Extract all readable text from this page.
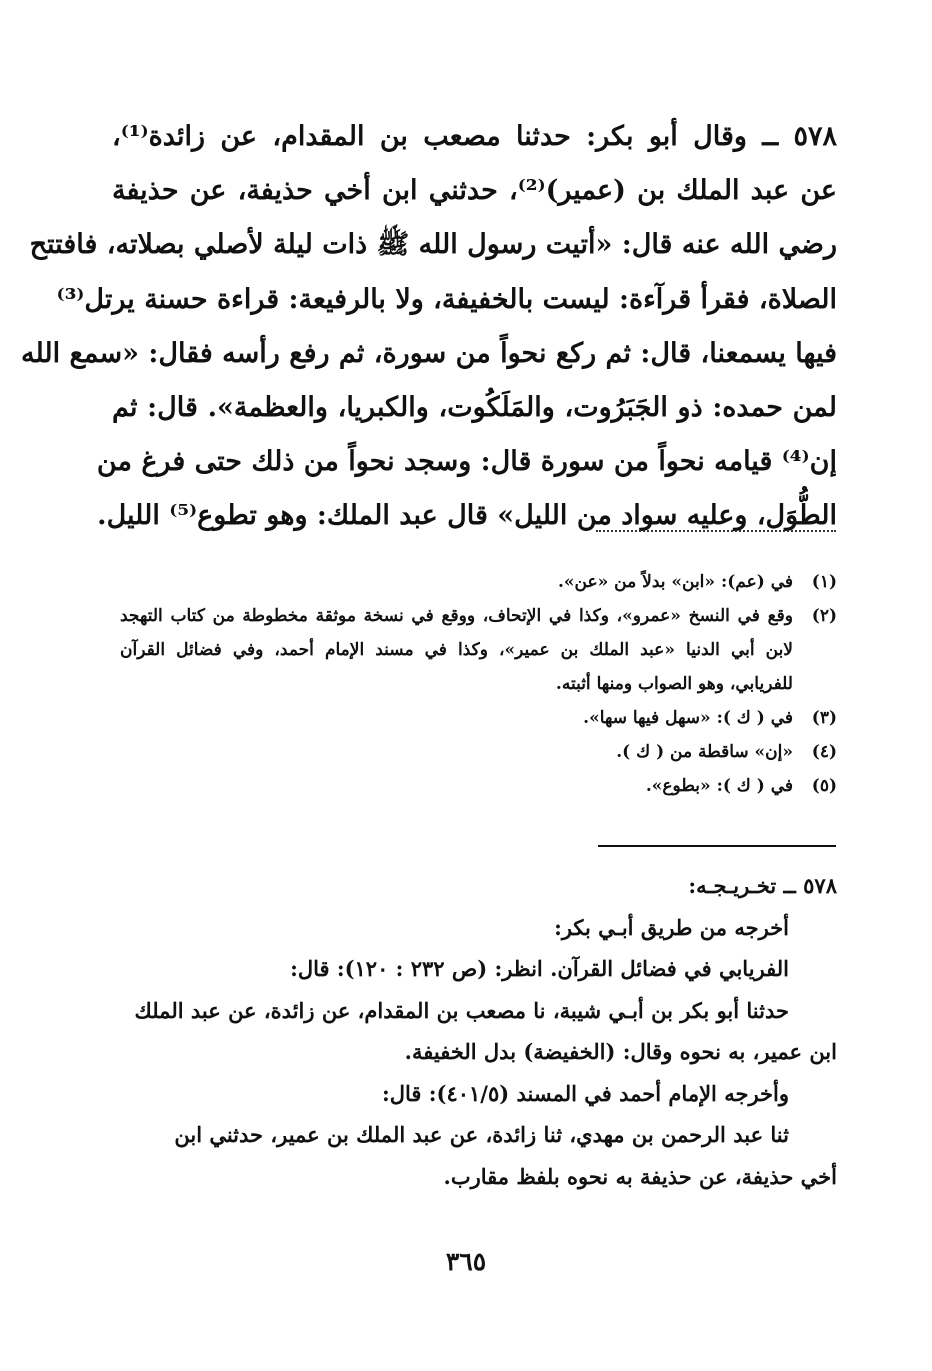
٥٧٨ ــ وقال أبو بكر: حدثنا مصعب بن المقدام، عن زائدة⁽¹⁾،
عن عبد الملك بن (عمير)⁽²⁾، حدثني ابن أخي حذيفة، عن حذيفة
رضي الله عنه قال: «أتيت رسول الله ﷺ ذات ليلة لأصلي بصلاته، فافتتح
الصلاة، فقرأ قرآءة: ليست بالخفيفة، ولا بالرفيعة: قراءة حسنة يرتل⁽³⁾
فيها يسمعنا، قال: ثم ركع نحواً من سورة، ثم رفع رأسه فقال: «سمع الله
لمن حمده: ذو الجَبَرُوت، والمَلَكُوت، والكبريا، والعظمة». قال: ثم
إن⁽⁴⁾ قيامه نحواً من سورة قال: وسجد نحواً من ذلك حتى فرغ من
الطُّوَل، وعليه سواد من الليل» قال عبد الملك: وهو تطوع⁽⁵⁾ الليل.
(١)
في (عم): «ابن» بدلاً من «عن».
(٢)
وقع في النسخ «عمرو»، وكذا في الإتحاف، ووقع في نسخة موثقة مخطوطة من كتاب التهجد
لابن أبي الدنيا «عبد الملك بن عمير»، وكذا في مسند الإمام أحمد، وفي فضائل القرآن
للفريابي، وهو الصواب ومنها أثبته.
(٣)
في ( ك ): «سهل فيها سها».
(٤)
«إن» ساقطة من ( ك ).
(٥)
في ( ك ): «بطوع».
٥٧٨ ــ تخـريـجـه:
أخرجه من طريق أبـي بكر:
الفريابي في فضائل القرآن. انظر: (ص ٢٣٢ : ١٢٠): قال:
حدثنا أبو بكر بن أبـي شيبة، نا مصعب بن المقدام، عن زائدة، عن عبد الملك
ابن عمير، به نحوه وقال: (الخفيضة) بدل الخفيفة.
وأخرجه الإمام أحمد في المسند (٤٠١/٥): قال:
ثنا عبد الرحمن بن مهدي، ثنا زائدة، عن عبد الملك بن عمير، حدثني ابن
أخي حذيفة، عن حذيفة به نحوه بلفظ مقارب.
٣٦٥
